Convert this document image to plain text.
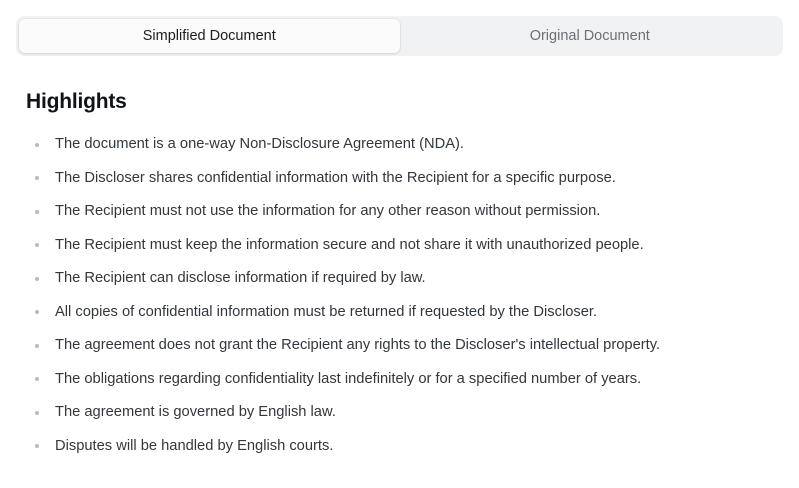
Simplified Document	Original Document
Highlights
The document is a one-way Non-Disclosure Agreement (NDA).
The Discloser shares confidential information with the Recipient for a specific purpose.
The Recipient must not use the information for any other reason without permission.
The Recipient must keep the information secure and not share it with unauthorized people.
The Recipient can disclose information if required by law.
All copies of confidential information must be returned if requested by the Discloser.
The agreement does not grant the Recipient any rights to the Discloser's intellectual property.
The obligations regarding confidentiality last indefinitely or for a specified number of years.
The agreement is governed by English law.
Disputes will be handled by English courts.
